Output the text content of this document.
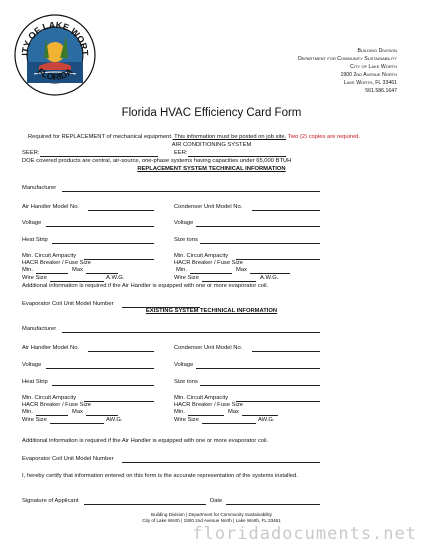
ITY OF LAKE WORT
FLORIDA
Building Division
Department for Community Sustainability
City of Lake Worth
1900 2nd Avenue North
Lake Worth, FL 33461
561.586.1647
Florida HVAC Efficiency Card Form
Required for REPLACEMENT of mechanical equipment. This information must be posted on job site. Two (2) copies are required.
AIR CONDITIONING SYSTEM
SEER:	EER:
DOE covered products are central, air-source, one-phase systems having capacities under 65,000 BTUH
REPLACEMENT SYSTEM TECHINICAL INFORMATION
Manufacturer
Air Handler Model No.	Condenser Unit Model No.
Voltage	Voltage
Heat Strip	Size tons
Min. Circuit Ampacity	Min. Circuit Ampacity
HACR Breaker / Fuse Size	HACR Breaker / Fuse Size
Min.	Max	Min.	Max
Wire Size	A.W.G.	Wire Size	A.W.G.
Additional information is required if the Air Handler is equipped with one or more evaporator coil.
Evaporator Coil Unit Model Number
EXISTING SYSTEM TECHINICAL INFORMATION
Manufacturer
Air Handler Model No.	Condenser Unit Model No.
Voltage	Voltage
Heat Strip	Size tons
Min. Circuit Ampacity	Min. Circuit Ampacity
HACR Breaker / Fuse Size	HACR Breaker / Fuse Size
Min.	Max	Min.	Max
Wire Size	AW.G.	Wire Size	AW.G.
Additional information is required if the Air Handler is equipped with one or more evaporator coil.
Evaporator Coil Unit Model Number
I, hereby certify that information entered on this form is the accurate representation of the systems installed.
Signature of Applicant	Date
Building Division | Department for Community Sustainability
City of Lake Worth | 1900 2nd Avenue North | Lake Worth, FL 33461
floridadocuments.net
